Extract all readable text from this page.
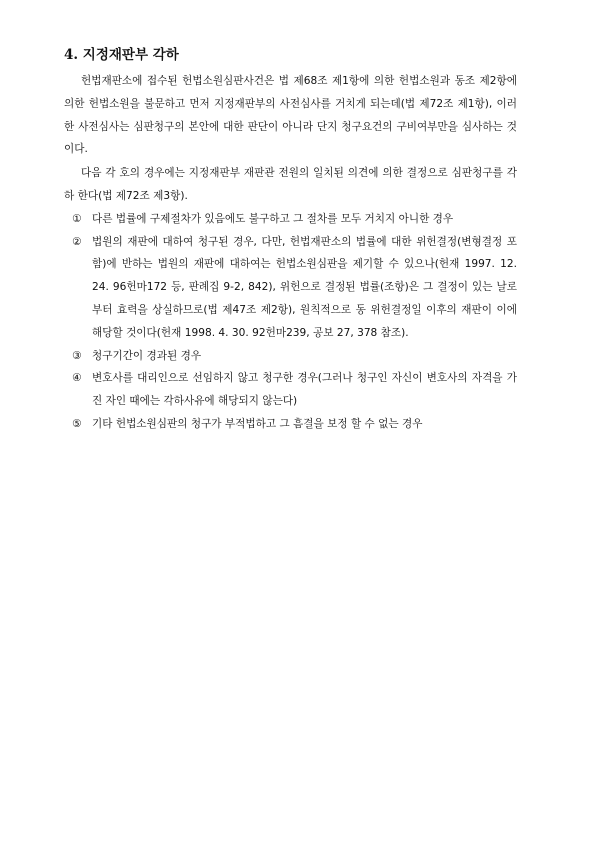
4. 지정재판부 각하

헌법재판소에 접수된 헌법소원심판사건은 법 제68조 제1항에 의한 헌법소원과 동조 제2항에 의한 헌법소원을 불문하고 먼저 지정재판부의 사전심사를 거치게 되는데(법 제72조 제1항), 이러한 사전심사는 심판청구의 본안에 대한 판단이 아니라 단지 청구요건의 구비여부만을 심사하는 것이다.

다음 각 호의 경우에는 지정재판부 재판관 전원의 일치된 의견에 의한 결정으로 심판청구를 각하 한다(법 제72조 제3항).

① 다른 법률에 구제절차가 있음에도 불구하고 그 절차를 모두 거치지 아니한 경우
② 법원의 재판에 대하여 청구된 경우, 다만, 헌법재판소의 법률에 대한 위헌결정(변형결정 포함)에 반하는 법원의 재판에 대하여는 헌법소원심판을 제기할 수 있으나(헌재 1997. 12. 24. 96헌마172 등, 판례집 9-2, 842), 위헌으로 결정된 법률(조항)은 그 결정이 있는 날로부터 효력을 상실하므로(법 제47조 제2항), 원칙적으로 동 위헌결정일 이후의 재판이 이에 해당할 것이다(헌재 1998. 4. 30. 92헌마239, 공보 27, 378 참조).
③ 청구기간이 경과된 경우
④ 변호사를 대리인으로 선임하지 않고 청구한 경우(그러나 청구인 자신이 변호사의 자격을 가진 자인 때에는 각하사유에 해당되지 않는다)
⑤ 기타 헌법소원심판의 청구가 부적법하고 그 흠결을 보정 할 수 없는 경우
